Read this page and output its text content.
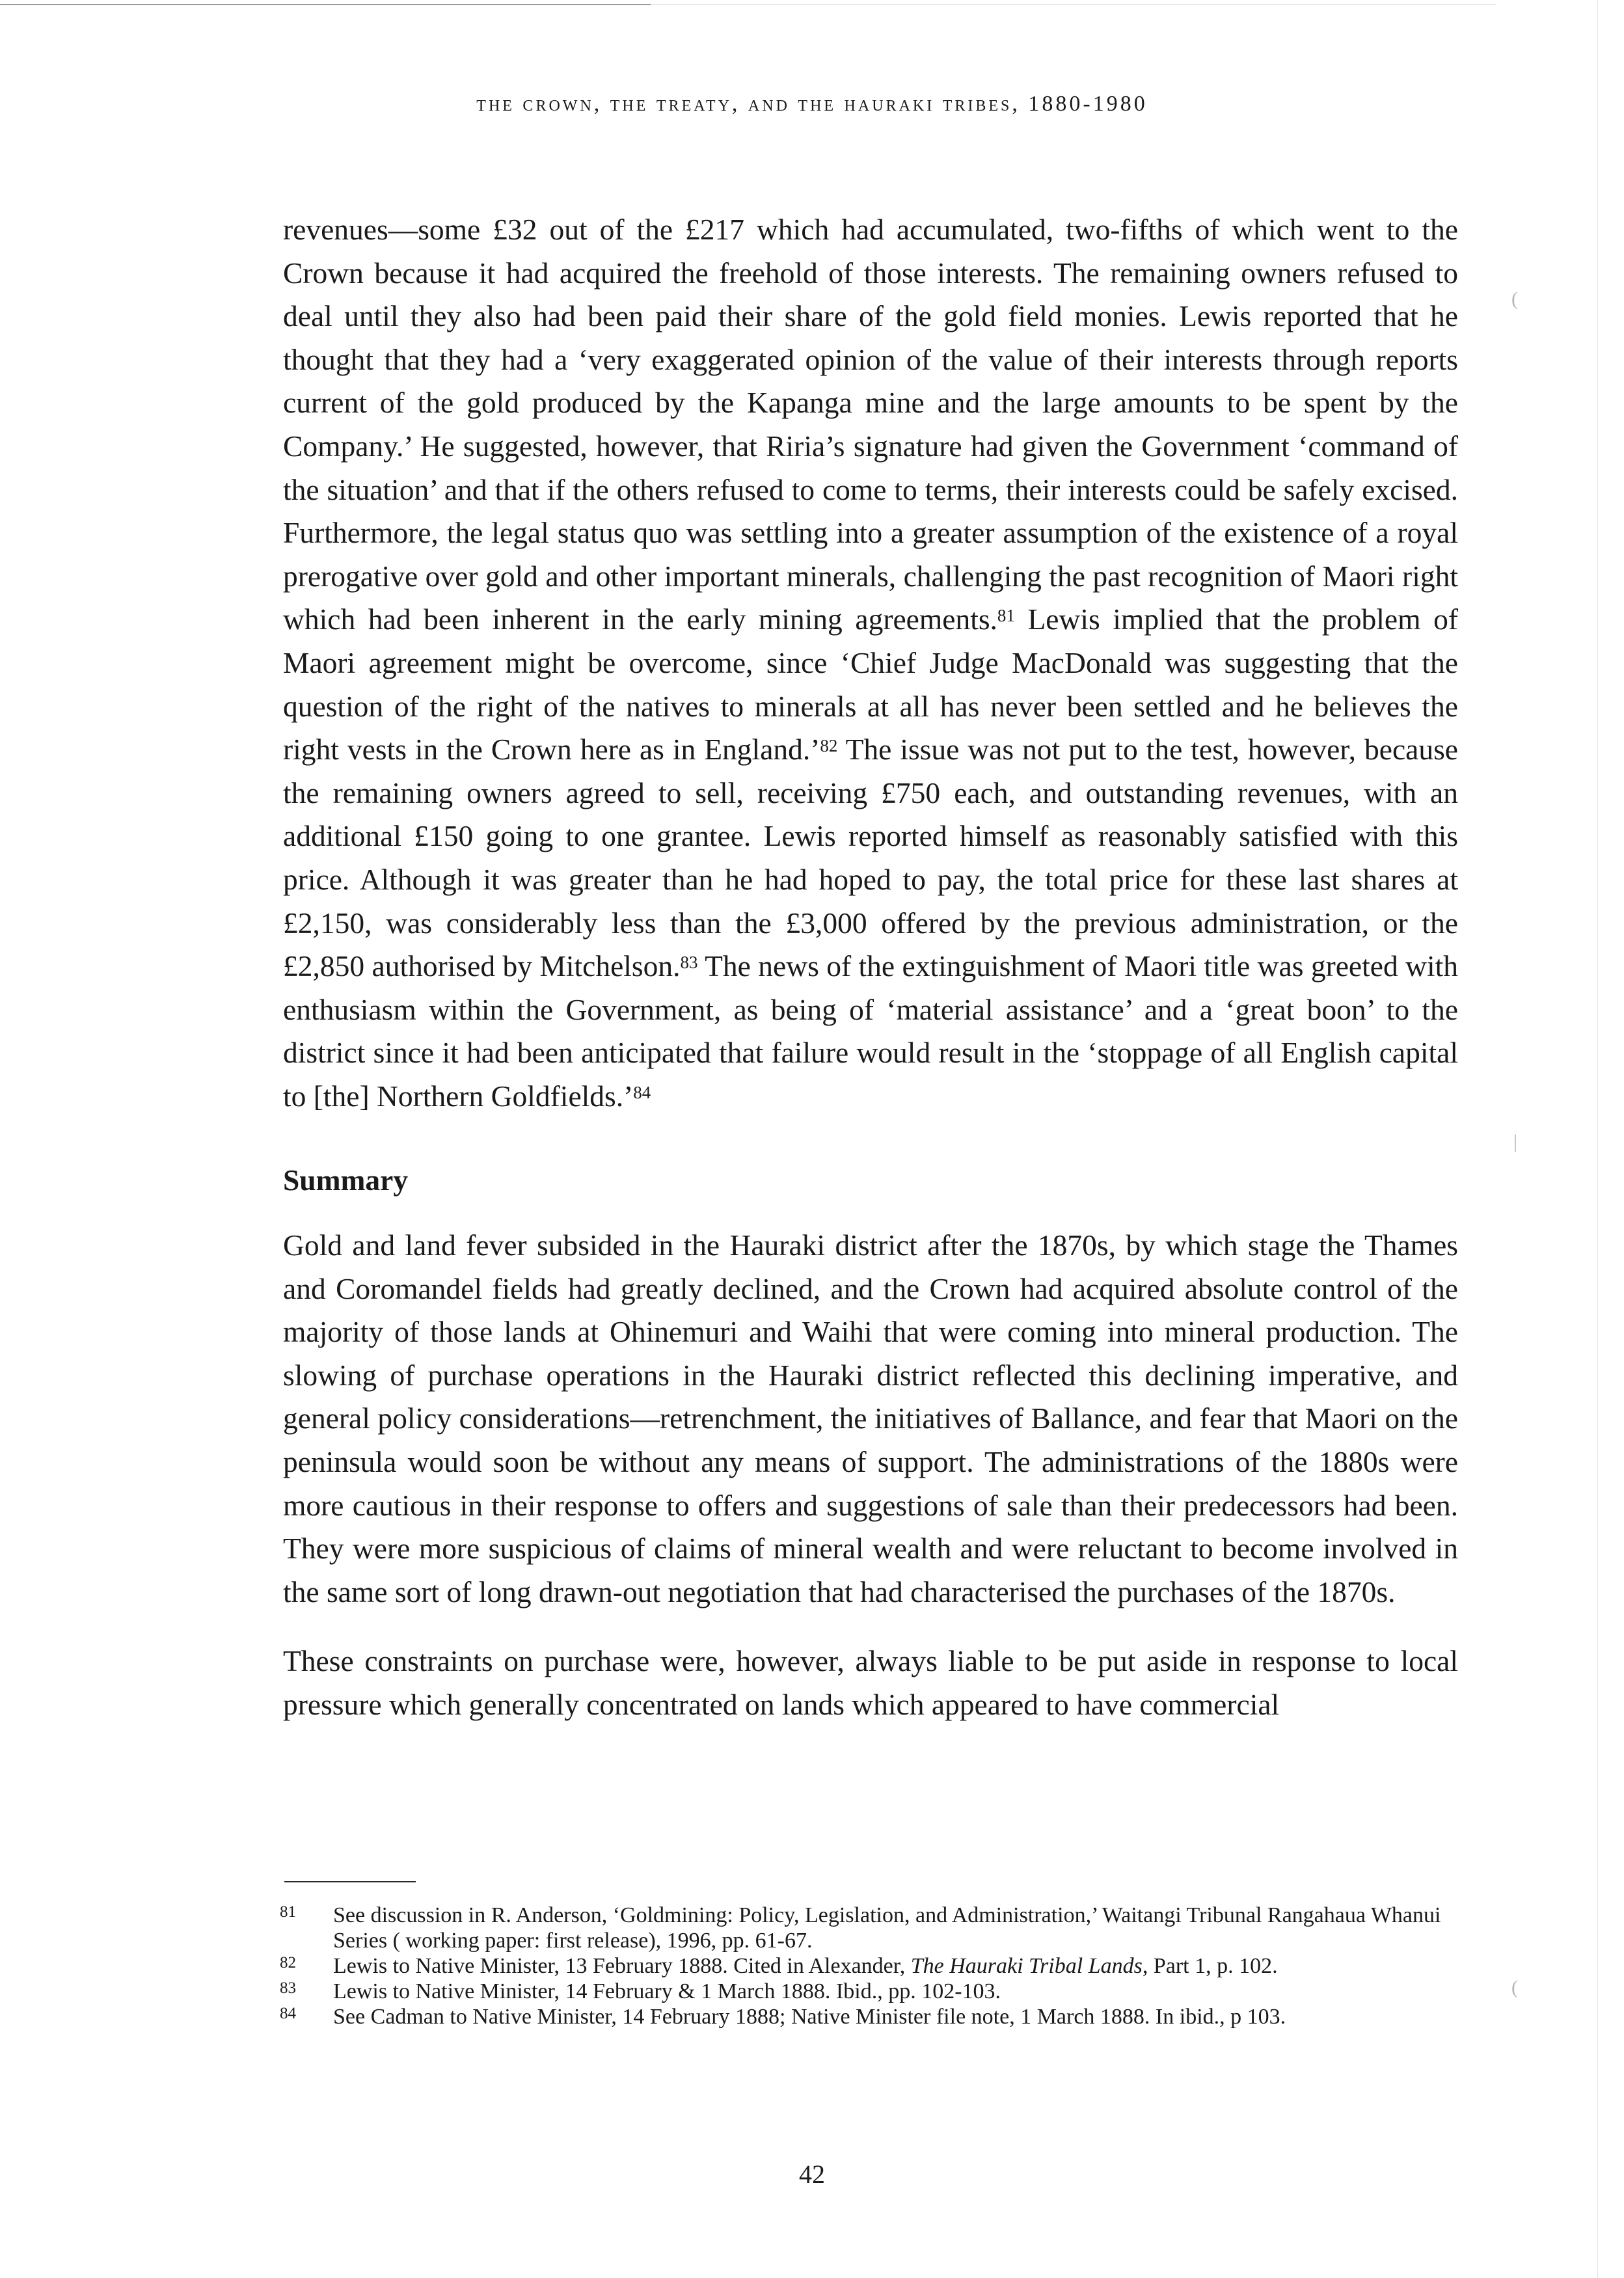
(
|
(
the crown, the treaty, and the hauraki tribes, 1880-1980

revenues—some £32 out of the £217 which had accumulated, two-fifths of which went to the Crown because it had acquired the freehold of those interests. The remaining owners refused to deal until they also had been paid their share of the gold field monies. Lewis reported that he thought that they had a ‘very exaggerated opinion of the value of their interests through reports current of the gold produced by the Kapanga mine and the large amounts to be spent by the Company.’ He suggested, however, that Riria’s signature had given the Government ‘command of the situation’ and that if the others refused to come to terms, their interests could be safely excised. Furthermore, the legal status quo was settling into a greater assumption of the existence of a royal prerogative over gold and other important minerals, challenging the past recognition of Maori right which had been inherent in the early mining agreements.$^{81}$ Lewis implied that the problem of Maori agreement might be overcome, since ‘Chief Judge MacDonald was suggesting that the question of the right of the natives to minerals at all has never been settled and he believes the right vests in the Crown here as in England.’$^{82}$ The issue was not put to the test, however, because the remaining owners agreed to sell, receiving £750 each, and outstanding revenues, with an additional £150 going to one grantee. Lewis reported himself as reasonably satisfied with this price. Although it was greater than he had hoped to pay, the total price for these last shares at £2,150, was considerably less than the £3,000 offered by the previous administration, or the £2,850 authorised by Mitchelson.$^{83}$ The news of the extinguishment of Maori title was greeted with enthusiasm within the Government, as being of ‘material assistance’ and a ‘great boon’ to the district since it had been anticipated that failure would result in the ‘stoppage of all English capital to [the] Northern Goldfields.’$^{84}$

Summary

Gold and land fever subsided in the Hauraki district after the 1870s, by which stage the Thames and Coromandel fields had greatly declined, and the Crown had acquired absolute control of the majority of those lands at Ohinemuri and Waihi that were coming into mineral production. The slowing of purchase operations in the Hauraki district reflected this declining imperative, and general policy considerations—retrenchment, the initiatives of Ballance, and fear that Maori on the peninsula would soon be without any means of support. The administrations of the 1880s were more cautious in their response to offers and suggestions of sale than their predecessors had been. They were more suspicious of claims of mineral wealth and were reluctant to become involved in the same sort of long drawn-out negotiation that had characterised the purchases of the 1870s.

These constraints on purchase were, however, always liable to be put aside in response to local pressure which generally concentrated on lands which appeared to have commercial

81	See discussion in R. Anderson, ‘Goldmining: Policy, Legislation, and Administration,’ Waitangi Tribunal Rangahaua Whanui Series ( working paper: first release), 1996, pp. 61-67.
82	Lewis to Native Minister, 13 February 1888. Cited in Alexander, The Hauraki Tribal Lands, Part 1, p. 102.
83	Lewis to Native Minister, 14 February & 1 March 1888. Ibid., pp. 102-103.
84	See Cadman to Native Minister, 14 February 1888; Native Minister file note, 1 March 1888. In ibid., p 103.
42
